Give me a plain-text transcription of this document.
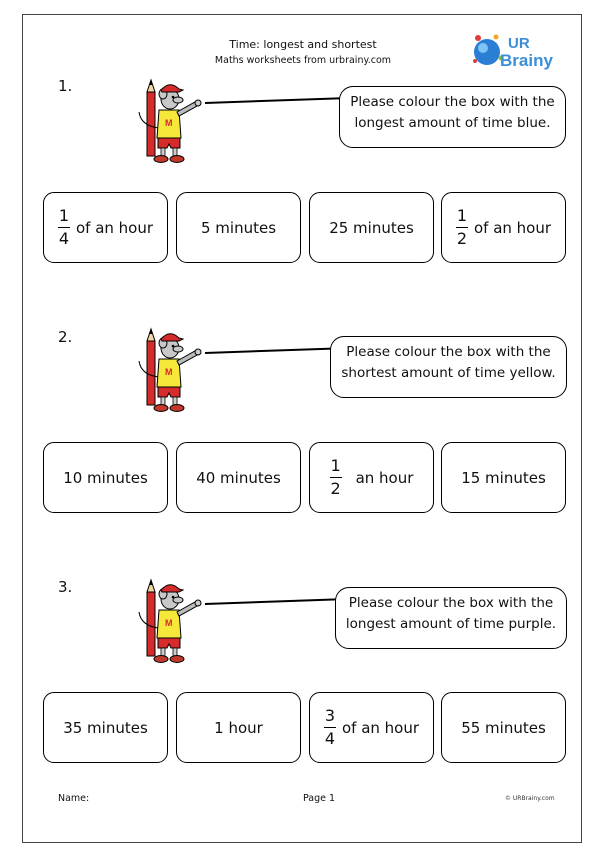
Time: longest and shortest
Maths worksheets from urbrainy.com
UR
Brainy
1.
M
Please colour the box with the
longest amount of time blue.
$\frac{1}{4}$ of an hour	5 minutes	25 minutes	$\frac{1}{2}$ of an hour
2.
M
Please colour the box with the
shortest amount of time yellow.
10 minutes	40 minutes	$\frac{1}{2}$ an hour	15 minutes
3.
M
Please colour the box with the
longest amount of time purple.
35 minutes	1 hour	$\frac{3}{4}$ of an hour	55 minutes
Name:	Page 1	© URBrainy.com
